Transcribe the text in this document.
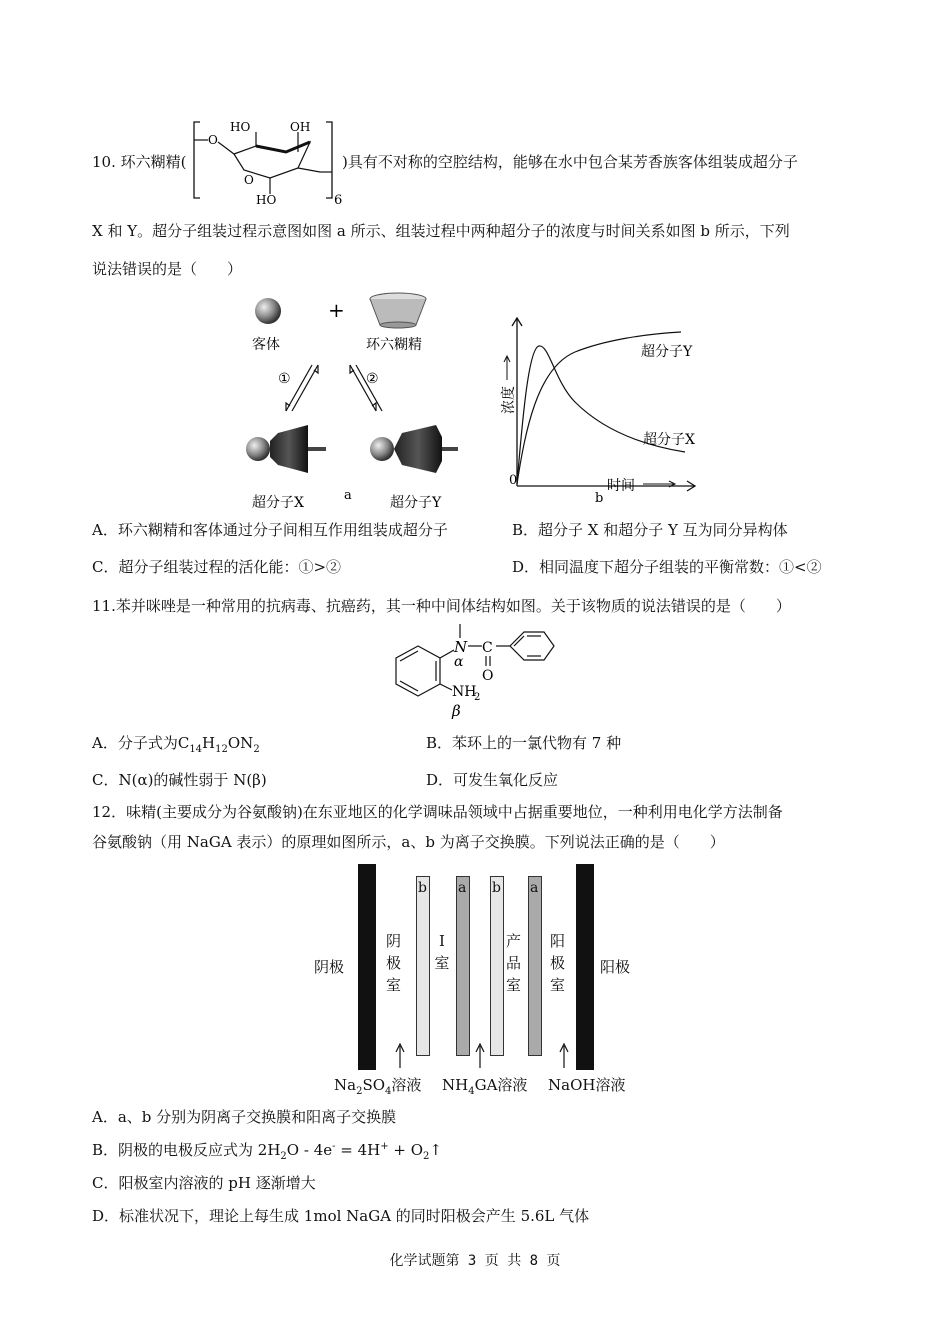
10. 环六糊精(
O
HO	OH
O
HO	6
)具有不对称的空腔结构，能够在水中包合某芳香族客体组装成超分子
X 和 Y。超分子组装过程示意图如图 a 所示、组装过程中两种超分子的浓度与时间关系如图 b 所示，下列
说法错误的是（　　）
+
客体	环六糊精
①	②
超分子X	a	超分子Y
浓度
时间
0
b
超分子Y
超分子X
A．环六糊精和客体通过分子间相互作用组装成超分子	B．超分子 X 和超分子 Y 互为同分异构体
C．超分子组装过程的活化能：①>②	D．相同温度下超分子组装的平衡常数：①<②
11.苯并咪唑是一种常用的抗病毒、抗癌药，其一种中间体结构如图。关于该物质的说法错误的是（　　）
N
α
C
O
NH
2
β
A．分子式为$C_{14}H_{12}ON_2$	B．苯环上的一氯代物有 7 种
C．N(α)的碱性弱于 N(β)	D．可发生氧化反应
12．味精(主要成分为谷氨酸钠)在东亚地区的化学调味品领域中占据重要地位，一种利用电化学方法制备
谷氨酸钠（用 NaGA 表示）的原理如图所示，a、b 为离子交换膜。下列说法正确的是（　　）
b a b a
阴极	阳极
阴
极
室
I
室
产
品
室
阳
极
室
$Na_2SO_4$溶液 $NH_4GA$溶液 NaOH溶液
A．a、b 分别为阴离子交换膜和阳离子交换膜
B．阴极的电极反应式为 $2H_2O - 4e^- = 4H^+$ + $O_2↑$
C．阳极室内溶液的 pH 逐渐增大
D．标准状况下，理论上每生成 1mol NaGA 的同时阳极会产生 5.6L 气体
化学试题第 3 页 共 8 页
